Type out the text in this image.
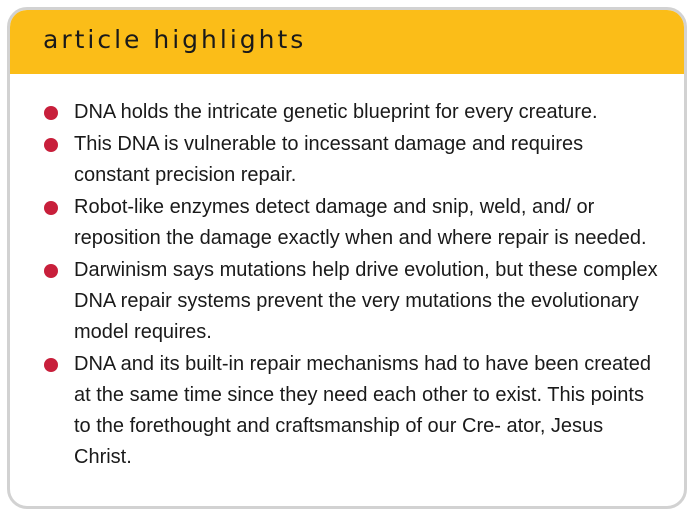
article highlights
DNA holds the intricate genetic blueprint for every creature.
This DNA is vulnerable to incessant damage and requires constant precision repair.
Robot-like enzymes detect damage and snip, weld, and/ or reposition the damage exactly when and where repair is needed.
Darwinism says mutations help drive evolution, but these complex DNA repair systems prevent the very mutations the evolutionary model requires.
DNA and its built-in repair mechanisms had to have been created at the same time since they need each other to exist. This points to the forethought and craftsmanship of our Cre- ator, Jesus Christ.
